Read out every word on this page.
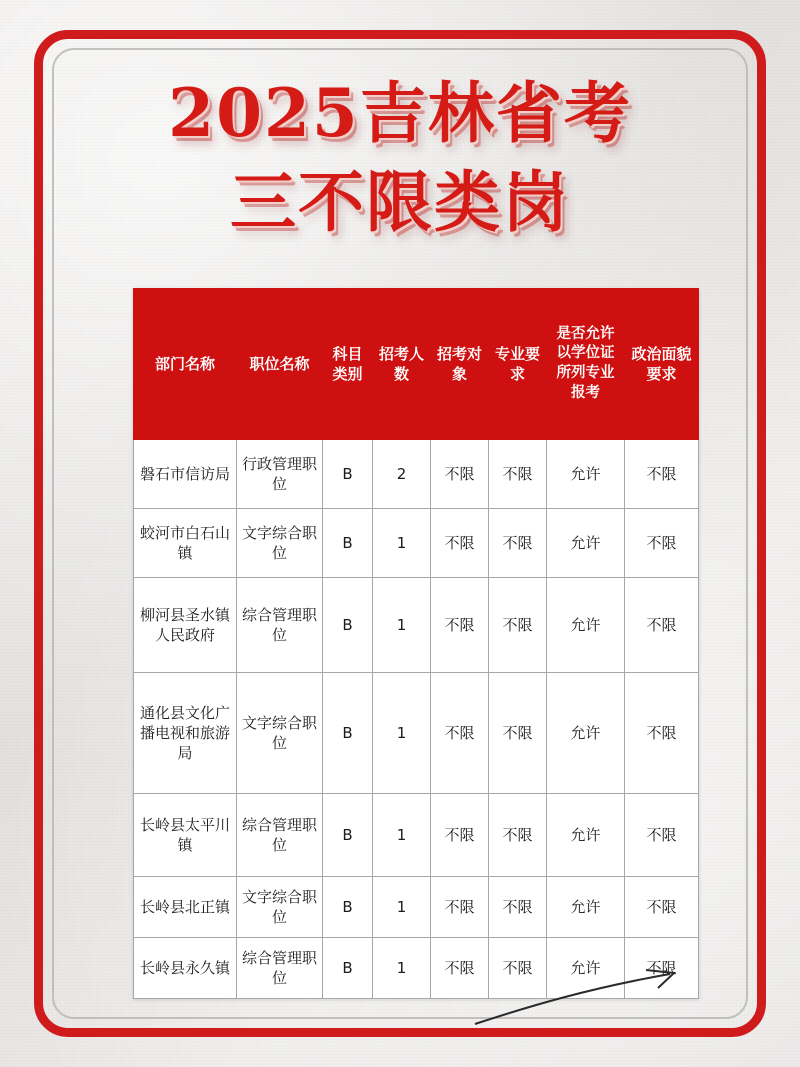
2025吉林省考
三不限类岗
部门名称	职位名称	科目类别	招考人数	招考对象	专业要求	是否允许以学位证所列专业报考	政治面貌要求
磐石市信访局	行政管理职位	B	2	不限	不限	允许	不限
蛟河市白石山镇	文字综合职位	B	1	不限	不限	允许	不限
柳河县圣水镇人民政府	综合管理职位	B	1	不限	不限	允许	不限
通化县文化广播电视和旅游局	文字综合职位	B	1	不限	不限	允许	不限
长岭县太平川镇	综合管理职位	B	1	不限	不限	允许	不限
长岭县北正镇	文字综合职位	B	1	不限	不限	允许	不限
长岭县永久镇	综合管理职位	B	1	不限	不限	允许	不限
